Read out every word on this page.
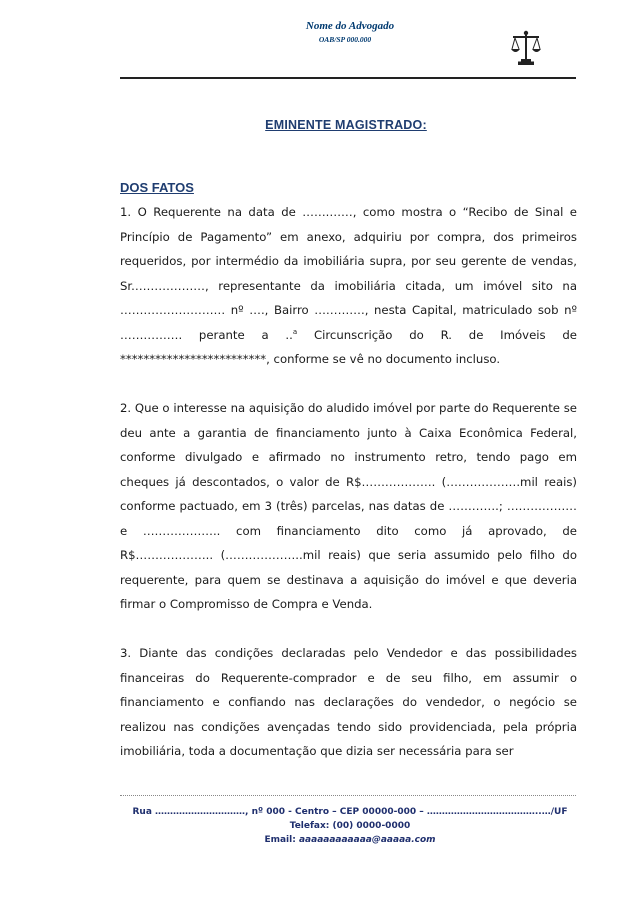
Nome do Advogado
OAB/SP 000.000
EMINENTE MAGISTRADO:
DOS FATOS

1. O Requerente na data de …….……, como mostra o “Recibo de Sinal e Princípio de Pagamento” em anexo, adquiriu por compra, dos primeiros requeridos, por intermédio da imobiliária supra, por seu gerente de vendas, Sr.………………, representante da imobiliária citada, um imóvel sito na ……………………… nº …., Bairro …………., nesta Capital, matriculado sob nº ……………. perante a ..$^a$ Circunscrição do R. de Imóveis de *************************, conforme se vê no documento incluso.

2. Que o interesse na aquisição do aludido imóvel por parte do Requerente se deu ante a garantia de financiamento junto à Caixa Econômica Federal, conforme divulgado e afirmado no instrumento retro, tendo pago em cheques já descontados, o valor de R$………………. (……………….mil reais) conforme pactuado, em 3 (três) parcelas, nas datas de ………….; ……………… e ……………….. com financiamento dito como já aprovado, de R$……………….. (………………..mil reais) que seria assumido pelo filho do requerente, para quem se destinava a aquisição do imóvel e que deveria firmar o Compromisso de Compra e Venda.

3. Diante das condições declaradas pelo Vendedor e das possibilidades financeiras do Requerente-comprador e de seu filho, em assumir o financiamento e confiando nas declarações do vendedor, o negócio se realizou nas condições avençadas tendo sido providenciada, pela própria imobiliária, toda a documentação que dizia ser necessária para ser

Rua …………………………, nº 000 - Centro – CEP 00000-000 – ………………………………..…/UF
Telefax: (00) 0000-0000
Email: aaaaaaaaaaaa@aaaaa.com
